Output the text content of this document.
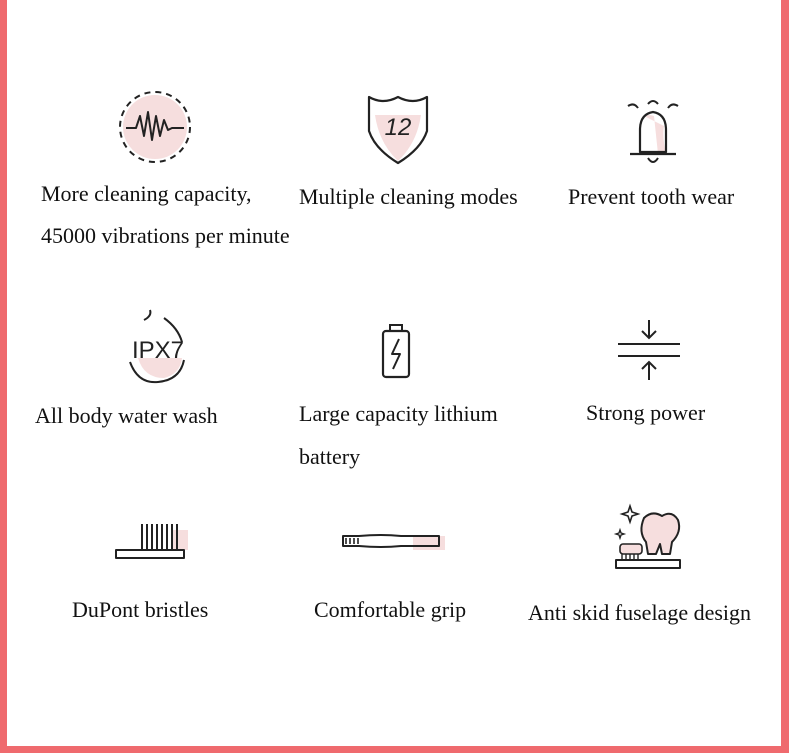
More cleaning capacity,

45000 vibrations per minute

12

Multiple cleaning modes Prevent tooth wear

IPX7

All body water wash	Large capacity lithium

battery

Strong power

DuPont bristles	Comfortable grip	Anti skid fuselage design
